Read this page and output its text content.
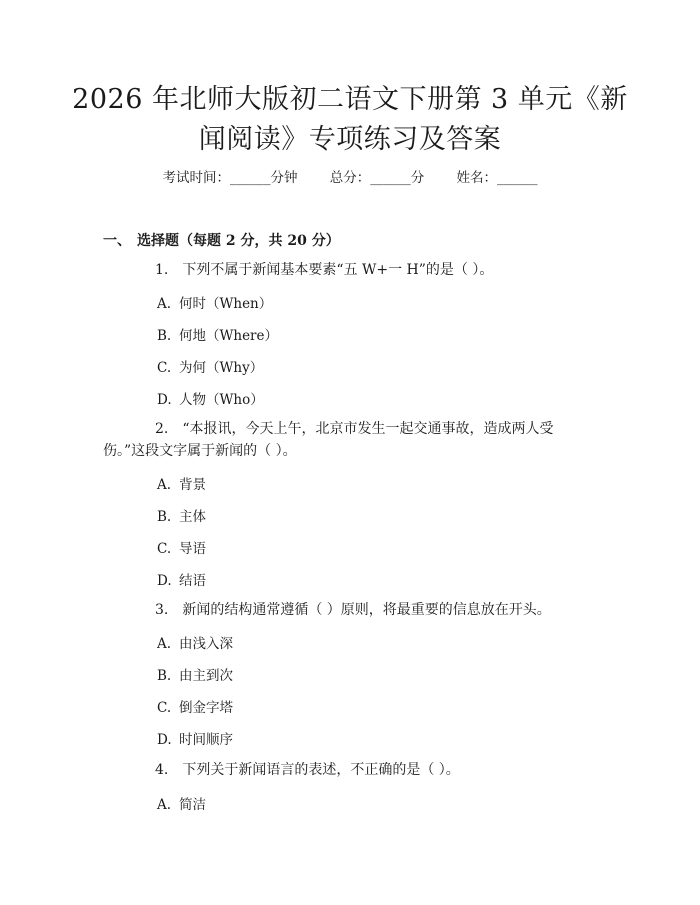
2026 年北师大版初二语文下册第 3 单元《新
闻阅读》专项练习及答案
考试时间：______分钟 总分：______分 姓名：______
一、 选择题（每题 2 分，共 20 分）
1. 下列不属于新闻基本要素“五 W+一 H”的是（ ）。
A. 何时（When）
B. 何地（Where）
C. 为何（Why）
D. 人物（Who）
2. “本报讯，今天上午，北京市发生一起交通事故，造成两人受伤。”这段文字属于新闻的（ ）。
A. 背景
B. 主体
C. 导语
D. 结语
3. 新闻的结构通常遵循（ ）原则，将最重要的信息放在开头。
A. 由浅入深
B. 由主到次
C. 倒金字塔
D. 时间顺序
4. 下列关于新闻语言的表述，不正确的是（ ）。
A. 简洁
